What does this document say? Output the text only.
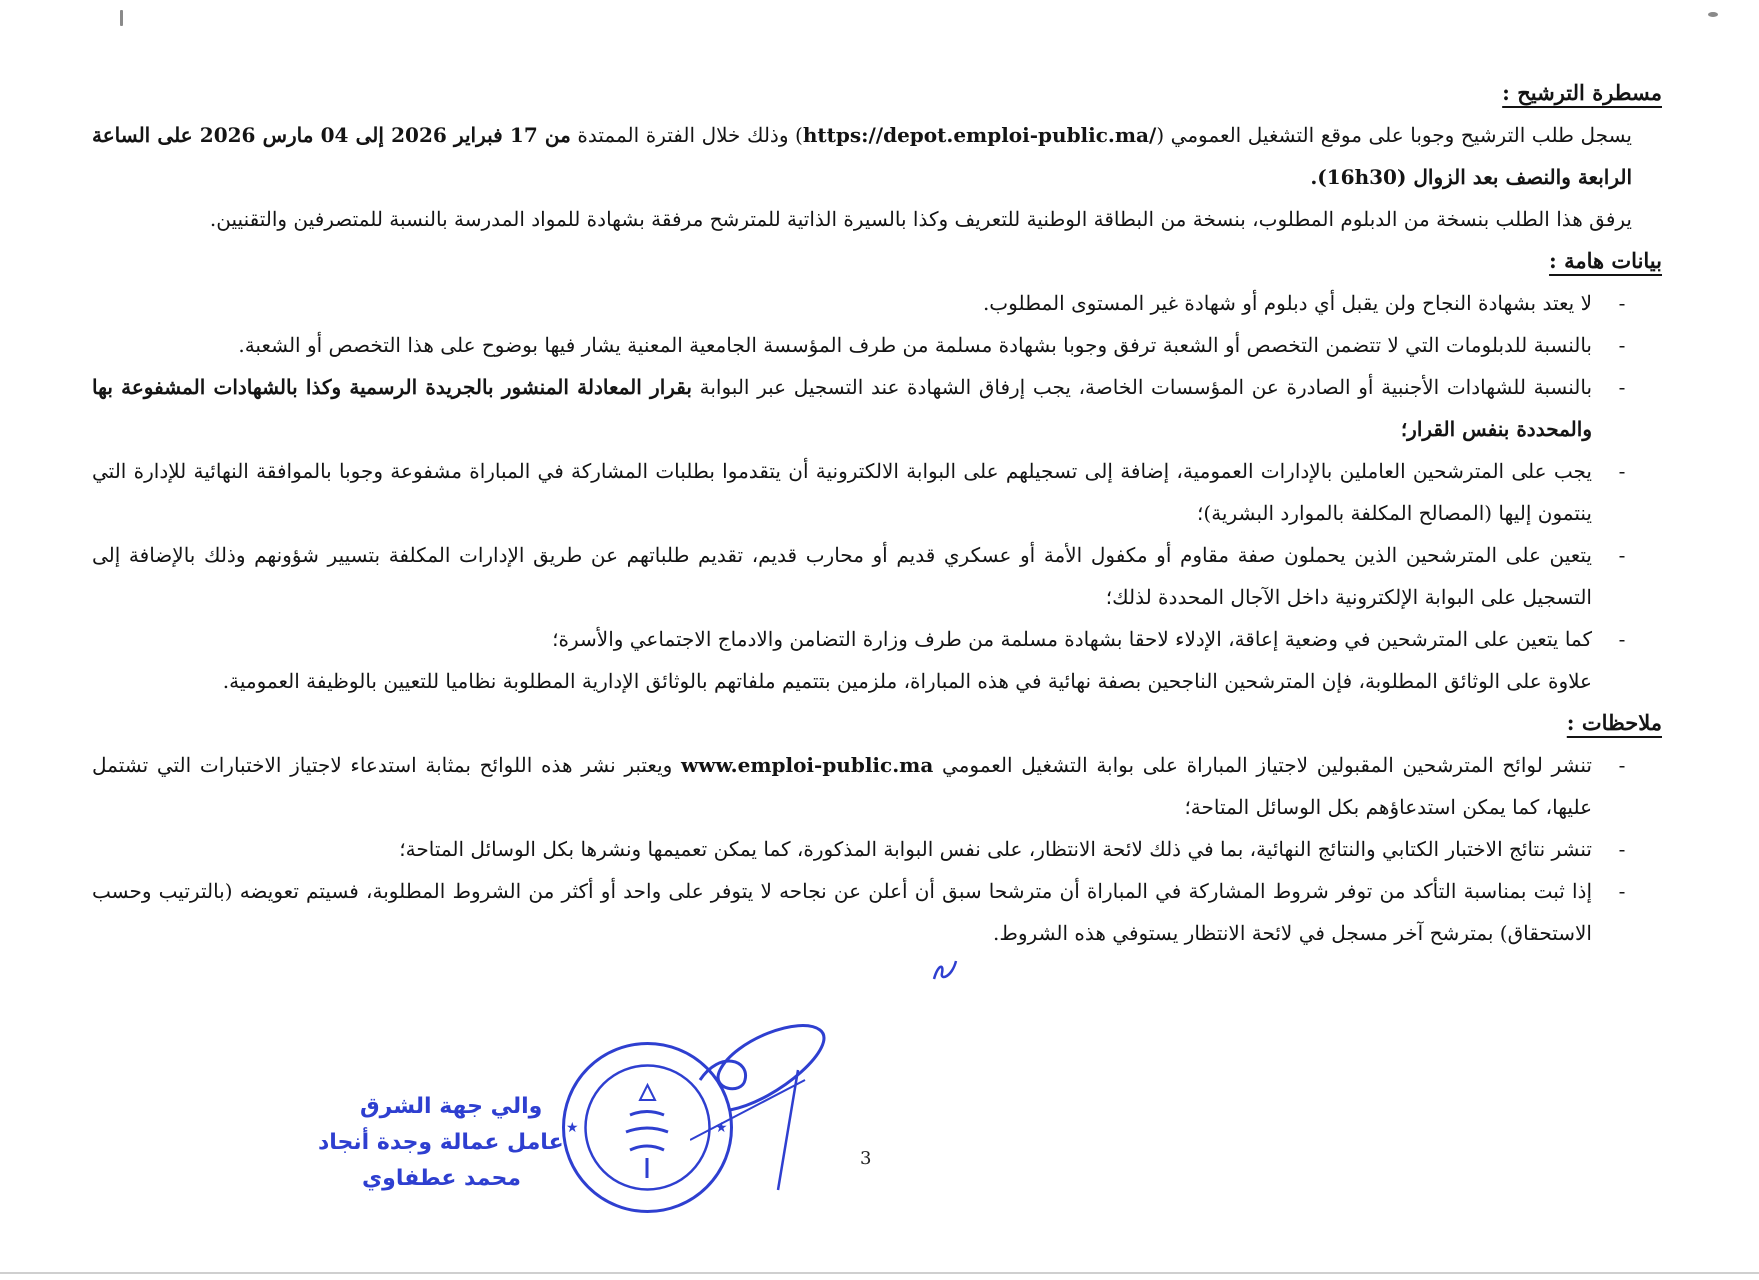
مسطرة الترشيح :

يسجل طلب الترشيح وجوبا على موقع التشغيل العمومي (https://depot.emploi-public.ma/) وذلك خلال الفترة الممتدة من 17 فبراير 2026 إلى 04 مارس 2026 على الساعة الرابعة والنصف بعد الزوال (16h30).

يرفق هذا الطلب بنسخة من الدبلوم المطلوب، بنسخة من البطاقة الوطنية للتعريف وكذا بالسيرة الذاتية للمترشح مرفقة بشهادة للمواد المدرسة بالنسبة للمتصرفين والتقنيين.

بيانات هامة :
- لا يعتد بشهادة النجاح ولن يقبل أي دبلوم أو شهادة غير المستوى المطلوب.
- بالنسبة للدبلومات التي لا تتضمن التخصص أو الشعبة ترفق وجوبا بشهادة مسلمة من طرف المؤسسة الجامعية المعنية يشار فيها بوضوح على هذا التخصص أو الشعبة.
- بالنسبة للشهادات الأجنبية أو الصادرة عن المؤسسات الخاصة، يجب إرفاق الشهادة عند التسجيل عبر البوابة بقرار المعادلة المنشور بالجريدة الرسمية وكذا بالشهادات المشفوعة بها والمحددة بنفس القرار؛
- يجب على المترشحين العاملين بالإدارات العمومية، إضافة إلى تسجيلهم على البوابة الالكترونية أن يتقدموا بطلبات المشاركة في المباراة مشفوعة وجوبا بالموافقة النهائية للإدارة التي ينتمون إليها (المصالح المكلفة بالموارد البشرية)؛
- يتعين على المترشحين الذين يحملون صفة مقاوم أو مكفول الأمة أو عسكري قديم أو محارب قديم، تقديم طلباتهم عن طريق الإدارات المكلفة بتسيير شؤونهم وذلك بالإضافة إلى التسجيل على البوابة الإلكترونية داخل الآجال المحددة لذلك؛
- كما يتعين على المترشحين في وضعية إعاقة، الإدلاء لاحقا بشهادة مسلمة من طرف وزارة التضامن والادماج الاجتماعي والأسرة؛

علاوة على الوثائق المطلوبة، فإن المترشحين الناجحين بصفة نهائية في هذه المباراة، ملزمين بتتميم ملفاتهم بالوثائق الإدارية المطلوبة نظاميا للتعيين بالوظيفة العمومية.

ملاحظات :
- تنشر لوائح المترشحين المقبولين لاجتياز المباراة على بوابة التشغيل العمومي www.emploi-public.ma ويعتبر نشر هذه اللوائح بمثابة استدعاء لاجتياز الاختبارات التي تشتمل عليها، كما يمكن استدعاؤهم بكل الوسائل المتاحة؛
- تنشر نتائج الاختبار الكتابي والنتائج النهائية، بما في ذلك لائحة الانتظار، على نفس البوابة المذكورة، كما يمكن تعميمها ونشرها بكل الوسائل المتاحة؛
- إذا ثبت بمناسبة التأكد من توفر شروط المشاركة في المباراة أن مترشحا سبق أن أعلن عن نجاحه لا يتوفر على واحد أو أكثر من الشروط المطلوبة، فسيتم تعويضه (بالترتيب وحسب الاستحقاق) بمترشح آخر مسجل في لائحة الانتظار يستوفي هذه الشروط.
3
والي جهة الشرق
عامل عمالة وجدة أنجاد
محمد عطفاوي
★	★
